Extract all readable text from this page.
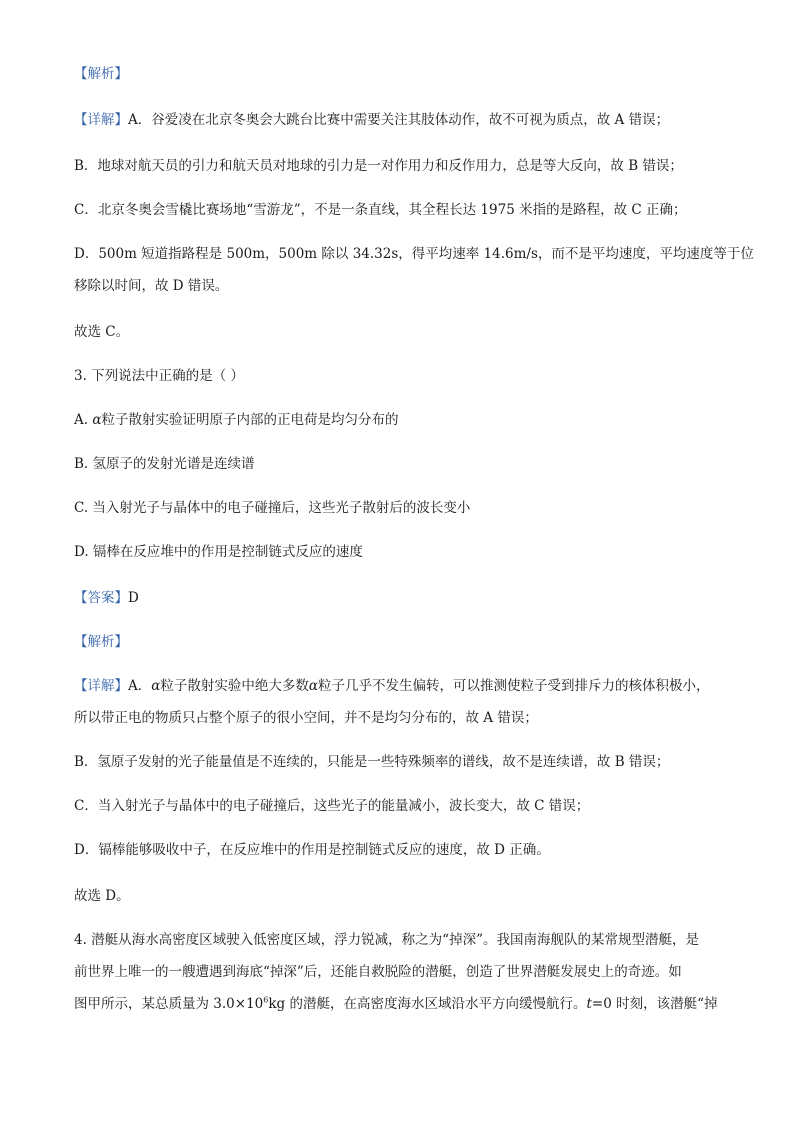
【解析】
【详解】A．谷爱凌在北京冬奥会大跳台比赛中需要关注其肢体动作，故不可视为质点，故 A 错误；
B．地球对航天员的引力和航天员对地球的引力是一对作用力和反作用力，总是等大反向，故 B 错误；
C．北京冬奥会雪橇比赛场地“雪游龙”，不是一条直线，其全程长达 1975 米指的是路程，故 C 正确；
D．500m 短道指路程是 500m，500m 除以 34.32s，得平均速率 14.6m/s，而不是平均速度，平均速度等于位
移除以时间，故 D 错误。
故选 C。
3. 下列说法中正确的是（ ）
A. α粒子散射实验证明原子内部的正电荷是均匀分布的
B. 氢原子的发射光谱是连续谱
C. 当入射光子与晶体中的电子碰撞后，这些光子散射后的波长变小
D. 镉棒在反应堆中的作用是控制链式反应的速度
【答案】D
【解析】
【详解】A．α粒子散射实验中绝大多数α粒子几乎不发生偏转，可以推测使粒子受到排斥力的核体积极小，
所以带正电的物质只占整个原子的很小空间，并不是均匀分布的，故 A 错误；
B．氢原子发射的光子能量值是不连续的，只能是一些特殊频率的谱线，故不是连续谱，故 B 错误；
C．当入射光子与晶体中的电子碰撞后，这些光子的能量减小，波长变大，故 C 错误；
D．镉棒能够吸收中子，在反应堆中的作用是控制链式反应的速度，故 D 正确。
故选 D。
4. 潜艇从海水高密度区域驶入低密度区域，浮力锐减，称之为“掉深”。我国南海舰队的某常规型潜艇，是
前世界上唯一的一艘遭遇到海底“掉深”后，还能自救脱险的潜艇，创造了世界潜艇发展史上的奇迹。如
图甲所示，某总质量为 $3.0\times 10^6kg$ 的潜艇，在高密度海水区域沿水平方向缓慢航行。t=0 时刻，该潜艇“掉
